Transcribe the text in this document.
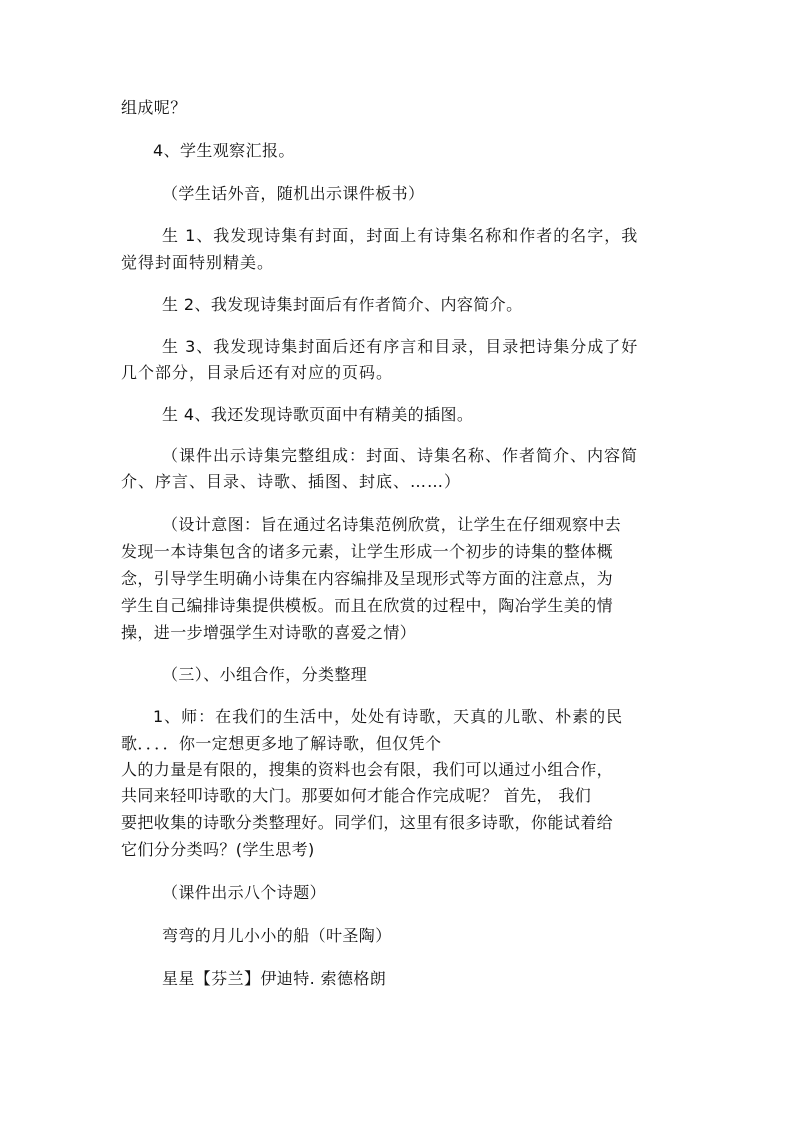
组成呢？
4、学生观察汇报。
（学生话外音，随机出示课件板书）
生 1、我发现诗集有封面，封面上有诗集名称和作者的名字，我
觉得封面特别精美。
生 2、我发现诗集封面后有作者简介、内容简介。
生 3、我发现诗集封面后还有序言和目录，目录把诗集分成了好
几个部分，目录后还有对应的页码。
生 4、我还发现诗歌页面中有精美的插图。
（课件出示诗集完整组成：封面、诗集名称、作者简介、内容简
介、序言、目录、诗歌、插图、封底、……）
（设计意图：旨在通过名诗集范例欣赏，让学生在仔细观察中去
发现一本诗集包含的诸多元素，让学生形成一个初步的诗集的整体概
念，引导学生明确小诗集在内容编排及呈现形式等方面的注意点，为
学生自己编排诗集提供模板。而且在欣赏的过程中，陶冶学生美的情
操，进一步增强学生对诗歌的喜爱之情）
（三）、小组合作，分类整理
1、师：在我们的生活中，处处有诗歌，天真的儿歌、朴素的民
歌．．．．你一定想更多地了解诗歌，但仅凭个
人的力量是有限的，搜集的资料也会有限，我们可以通过小组合作，
共同来轻叩诗歌的大门。那要如何才能合作完成呢？ 首先， 我们
要把收集的诗歌分类整理好。同学们，这里有很多诗歌，你能试着给
它们分分类吗？(学生思考)
（课件出示八个诗题）
弯弯的月儿小小的船（叶圣陶）
星星【芬兰】伊迪特. 索德格朗
